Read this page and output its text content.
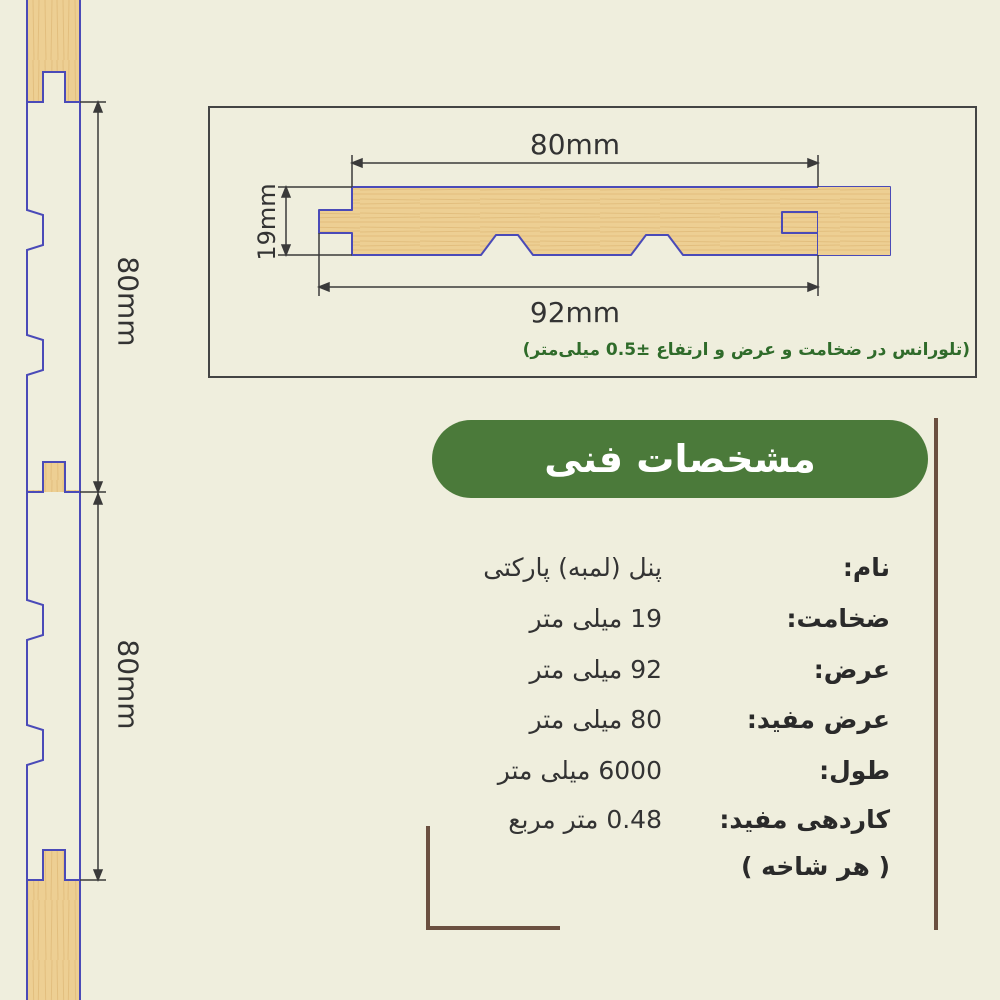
80mm
80mm
80mm
92mm
19mm
(تلورانس در ضخامت و عرض و ارتفاع ±0.5 میلی‌متر)
مشخصات فنی
نام:
پنل (لمبه) پارکتی
ضخامت:
19 میلی متر
عرض:
92 میلی متر
عرض مفید:
80 میلی متر
طول:
6000 میلی متر
کاردهی مفید:
0.48 متر مربع
( هر شاخه )
